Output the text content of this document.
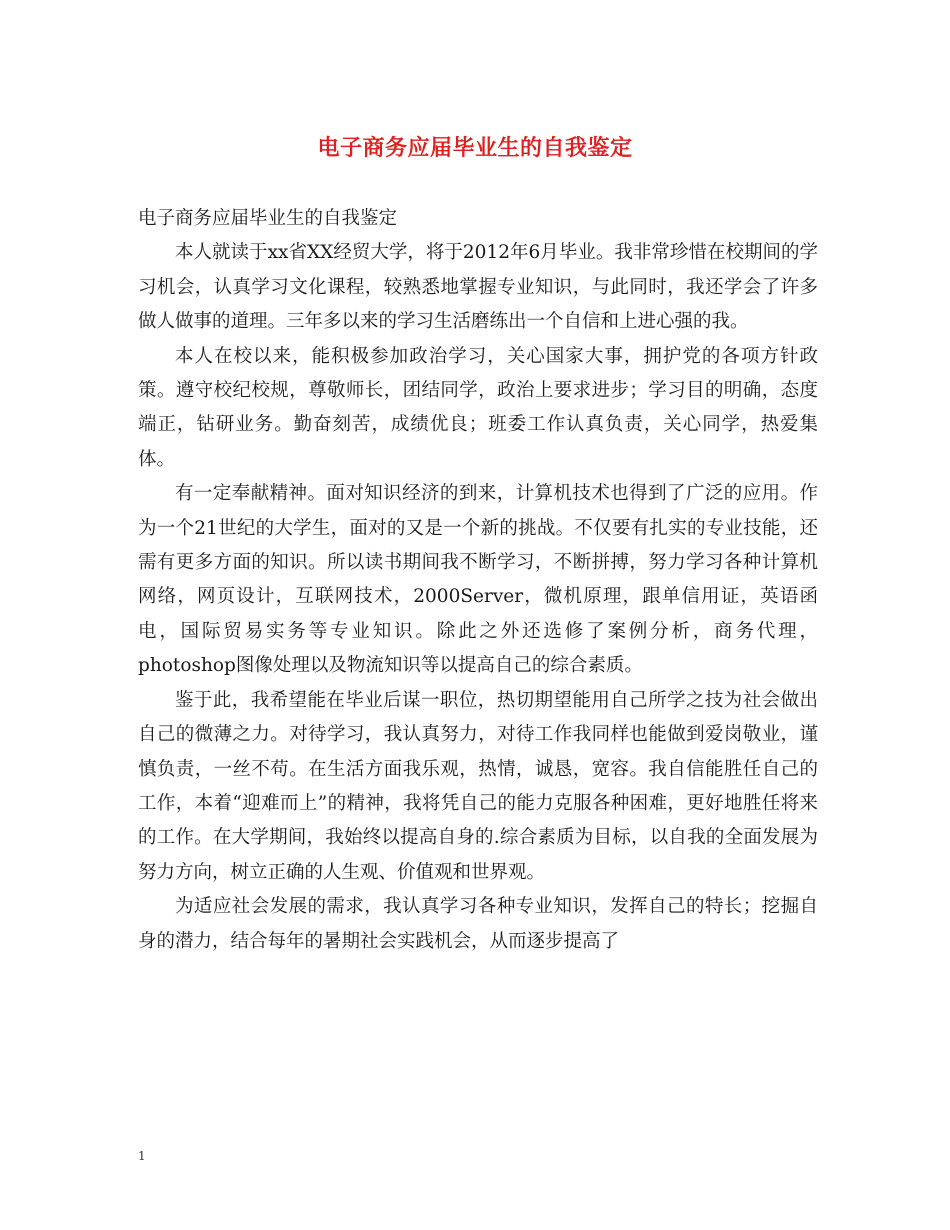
电子商务应届毕业生的自我鉴定

电子商务应届毕业生的自我鉴定

本人就读于xx省XX经贸大学，将于2012年6月毕业。我非常珍惜在校期间的学习机会，认真学习文化课程，较熟悉地掌握专业知识，与此同时，我还学会了许多做人做事的道理。三年多以来的学习生活磨练出一个自信和上进心强的我。

本人在校以来，能积极参加政治学习，关心国家大事，拥护党的各项方针政策。遵守校纪校规，尊敬师长，团结同学，政治上要求进步；学习目的明确，态度端正，钻研业务。勤奋刻苦，成绩优良；班委工作认真负责，关心同学，热爱集体。

有一定奉献精神。面对知识经济的到来，计算机技术也得到了广泛的应用。作为一个21世纪的大学生，面对的又是一个新的挑战。不仅要有扎实的专业技能，还需有更多方面的知识。所以读书期间我不断学习，不断拼搏，努力学习各种计算机网络，网页设计，互联网技术，2000Server，微机原理，跟单信用证，英语函电，国际贸易实务等专业知识。除此之外还选修了案例分析，商务代理，photoshop图像处理以及物流知识等以提高自己的综合素质。

鉴于此，我希望能在毕业后谋一职位，热切期望能用自己所学之技为社会做出自己的微薄之力。对待学习，我认真努力，对待工作我同样也能做到爱岗敬业，谨慎负责，一丝不苟。在生活方面我乐观，热情，诚恳，宽容。我自信能胜任自己的工作，本着“迎难而上”的精神，我将凭自己的能力克服各种困难，更好地胜任将来的工作。在大学期间，我始终以提高自身的.综合素质为目标，以自我的全面发展为努力方向，树立正确的人生观、价值观和世界观。

为适应社会发展的需求，我认真学习各种专业知识，发挥自己的特长；挖掘自身的潜力，结合每年的暑期社会实践机会，从而逐步提高了

1
